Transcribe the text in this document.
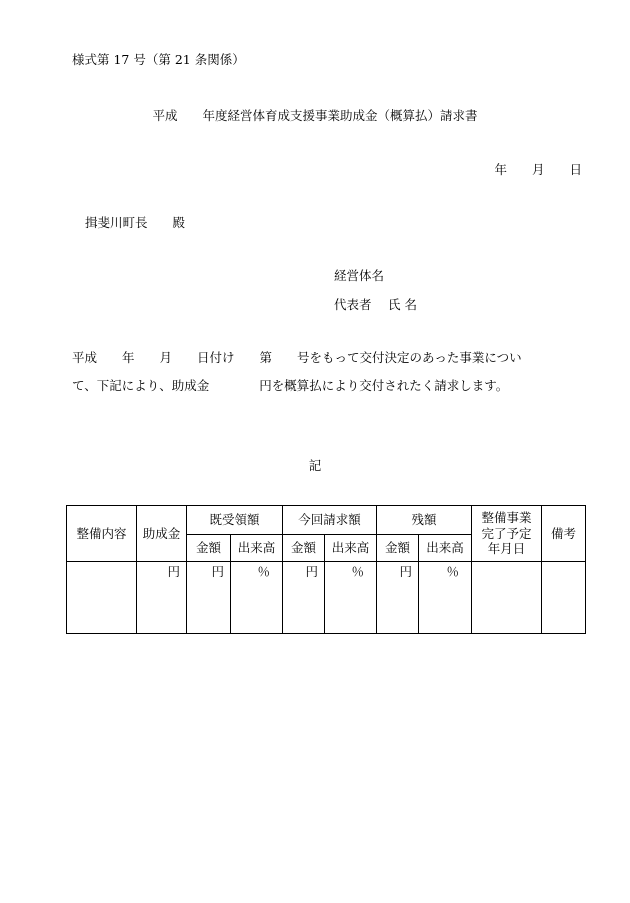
様式第 17 号（第 21 条関係）
平成　　年度経営体育成支援事業助成金（概算払）請求書
年　　月　　日
揖斐川町長　　殿
経営体名
代表者　 氏 名
平成　　年　　月　　日付け　　第　　号をもって交付決定のあった事業につい
て、下記により、助成金　　　　円を概算払により交付されたく請求します。
記
整備内容	助成金	既受領額		今回請求額		残額		整備事業
完了予定
年月日	備考
		金額	出来高	金額	出来高	金額	出来高		
	円	円	％	円	％	円	％		
